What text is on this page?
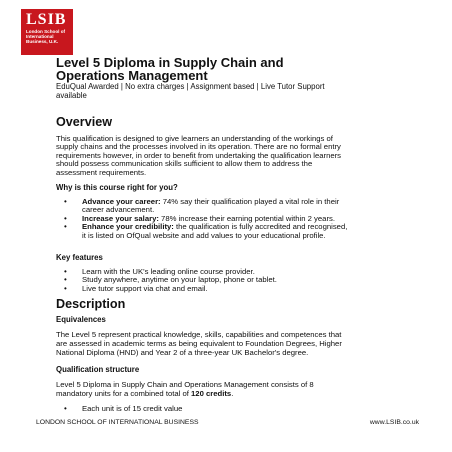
LSIB
London School of
International
Business, U.K.
Level 5 Diploma in Supply Chain and
Operations Management
EduQual Awarded | No extra charges | Assignment based | Live Tutor Support
available
Overview
This qualification is designed to give learners an understanding of the workings of
supply chains and the processes involved in its operation. There are no formal entry
requirements however, in order to benefit from undertaking the qualification learners
should possess communication skills sufficient to allow them to address the
assessment requirements.
Why is this course right for you?
• Advance your career: 74% say their qualification played a vital role in their
career advancement.
• Increase your salary: 78% increase their earning potential within 2 years.
• Enhance your credibility: the qualification is fully accredited and recognised,
it is listed on OfQual website and add values to your educational profile.
Key features
• Learn with the UK's leading online course provider.
• Study anywhere, anytime on your laptop, phone or tablet.
• Live tutor support via chat and email.
Description
Equivalences
The Level 5 represent practical knowledge, skills, capabilities and competences that
are assessed in academic terms as being equivalent to Foundation Degrees, Higher
National Diploma (HND) and Year 2 of a three-year UK Bachelor's degree.
Qualification structure
Level 5 Diploma in Supply Chain and Operations Management consists of 8
mandatory units for a combined total of 120 credits.
• Each unit is of 15 credit value
LONDON SCHOOL OF INTERNATIONAL BUSINESS	www.LSIB.co.uk
